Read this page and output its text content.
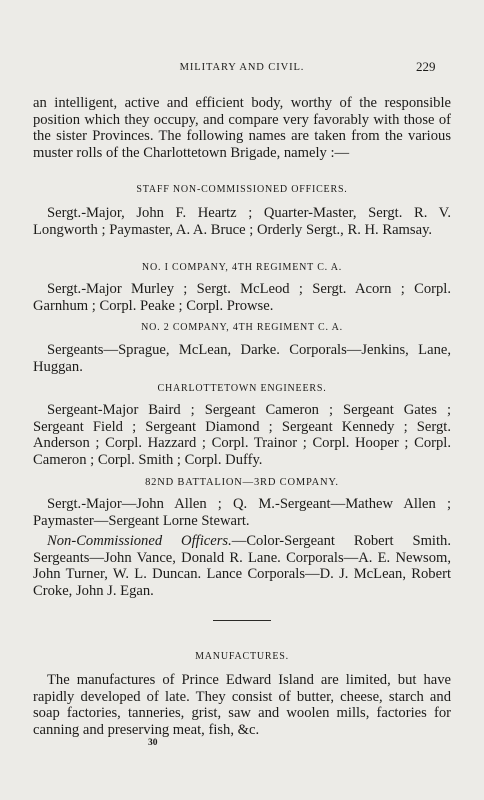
MILITARY AND CIVIL.	229

an intelligent, active and efficient body, worthy of the responsible position which they occupy, and compare very favorably with those of the sister Provinces. The following names are taken from the various muster rolls of the Charlottetown Brigade, namely :—

STAFF NON-COMMISSIONED OFFICERS.

Sergt.-Major, John F. Heartz ; Quarter-Master, Sergt. R. V. Longworth ; Paymaster, A. A. Bruce ; Orderly Sergt., R. H. Ramsay.

NO. I COMPANY, 4TH REGIMENT C. A.

Sergt.-Major Murley ; Sergt. McLeod ; Sergt. Acorn ; Corpl. Garnhum ; Corpl. Peake ; Corpl. Prowse.

NO. 2 COMPANY, 4TH REGIMENT C. A.

Sergeants—Sprague, McLean, Darke. Corporals—Jenkins, Lane, Huggan.

CHARLOTTETOWN ENGINEERS.

Sergeant-Major Baird ; Sergeant Cameron ; Sergeant Gates ; Sergeant Field ; Sergeant Diamond ; Sergeant Kennedy ; Sergt. Anderson ; Corpl. Hazzard ; Corpl. Trainor ; Corpl. Hooper ; Corpl. Cameron ; Corpl. Smith ; Corpl. Duffy.

82ND BATTALION—3RD COMPANY.

Sergt.-Major—John Allen ; Q. M.-Sergeant—Mathew Allen ; Paymaster—Sergeant Lorne Stewart.

Non-Commissioned Officers.—Color-Sergeant Robert Smith. Sergeants—John Vance, Donald R. Lane. Corporals—A. E. Newsom, John Turner, W. L. Duncan. Lance Corporals—D. J. McLean, Robert Croke, John J. Egan.

MANUFACTURES.

The manufactures of Prince Edward Island are limited, but have rapidly developed of late. They consist of butter, cheese, starch and soap factories, tanneries, grist, saw and woolen mills, factories for canning and preserving meat, fish, &c.

30
